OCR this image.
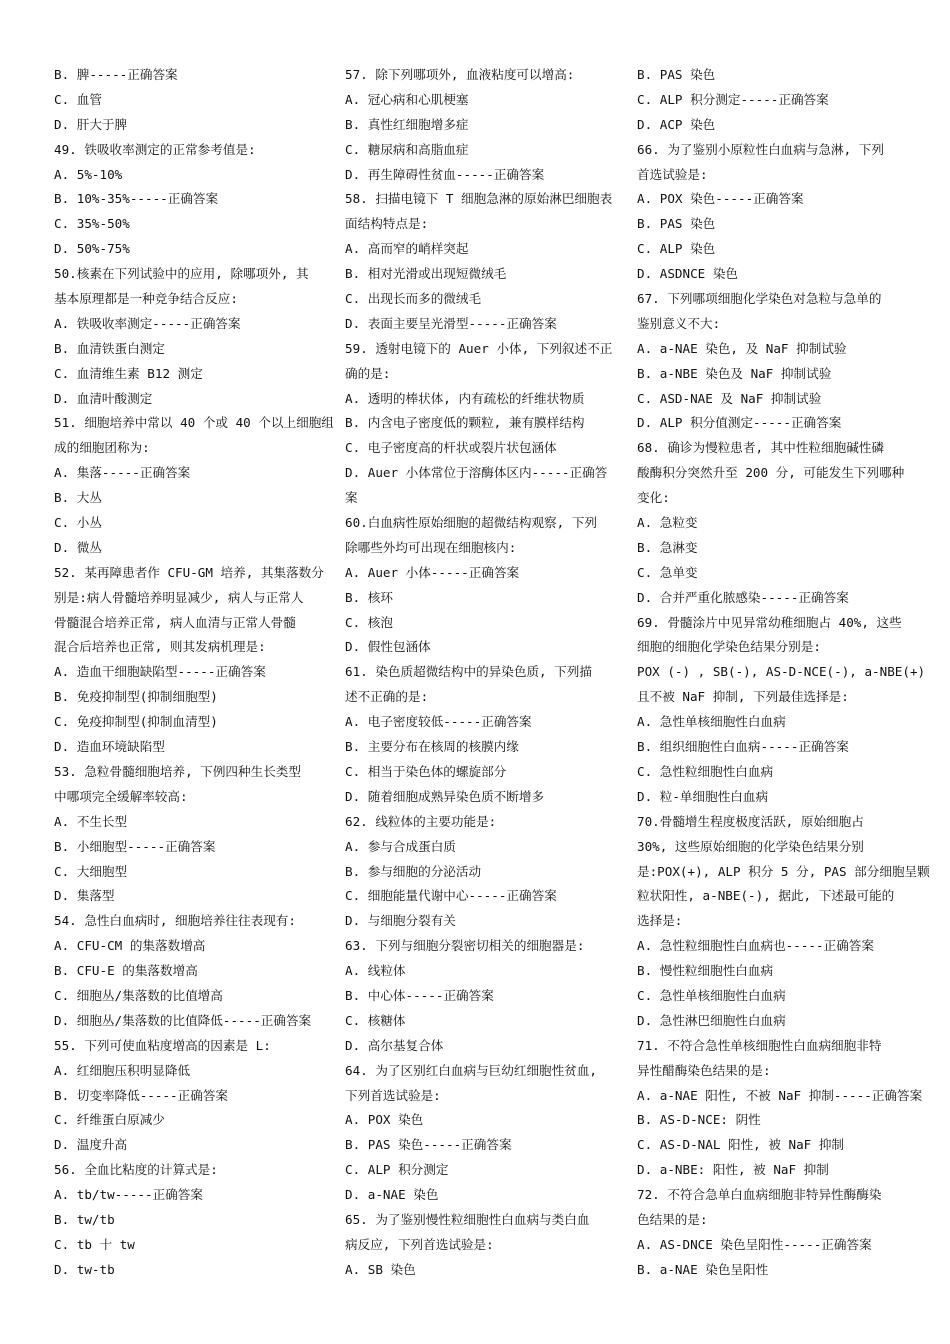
B. 脾-----正确答案
C. 血管
D. 肝大于脾
49. 铁吸收率测定的正常参考值是:
A. 5%-10%
B. 10%-35%-----正确答案
C. 35%-50%
D. 50%-75%
50.核素在下列试验中的应用, 除哪项外, 其
基本原理都是一种竞争结合反应:
A. 铁吸收率测定-----正确答案
B. 血清铁蛋白测定
C. 血清维生素 B12 测定
D. 血清叶酸测定
51. 细胞培养中常以 40 个或 40 个以上细胞组
成的细胞团称为:
A. 集落-----正确答案
B. 大丛
C. 小丛
D. 微丛
52. 某再障患者作 CFU-GM 培养, 其集落数分
别是:病人骨髓培养明显减少, 病人与正常人
骨髓混合培养正常, 病人血清与正常人骨髓
混合后培养也正常, 则其发病机理是:
A. 造血干细胞缺陷型-----正确答案
B. 免疫抑制型(抑制细胞型)
C. 免疫抑制型(抑制血清型)
D. 造血环境缺陷型
53. 急粒骨髓细胞培养, 下例四种生长类型
中哪项完全缓解率较高:
A. 不生长型
B. 小细胞型-----正确答案
C. 大细胞型
D. 集落型
54. 急性白血病时, 细胞培养往往表现有:
A. CFU-CM 的集落数增高
B. CFU-E 的集落数增高
C. 细胞丛/集落数的比值增高
D. 细胞丛/集落数的比值降低-----正确答案
55. 下列可使血粘度增高的因素是 L:
A. 红细胞压积明显降低
B. 切变率降低-----正确答案
C. 纤维蛋白原减少
D. 温度升高
56. 全血比粘度的计算式是:
A. tb/tw-----正确答案
B. tw/tb
C. tb 十 tw
D. tw-tb
57. 除下列哪项外, 血液粘度可以增高:
A. 冠心病和心肌梗塞
B. 真性红细胞增多症
C. 糖尿病和高脂血症
D. 再生障碍性贫血-----正确答案
58. 扫描电镜下 T 细胞急淋的原始淋巴细胞表
面结构特点是:
A. 高而窄的峭样突起
B. 相对光滑或出现短微绒毛
C. 出现长而多的微绒毛
D. 表面主要呈光滑型-----正确答案
59. 透射电镜下的 Auer 小体, 下列叙述不正
确的是:
A. 透明的棒状体, 内有疏松的纤维状物质
B. 内含电子密度低的颗粒, 兼有膜样结构
C. 电子密度高的杆状或裂片状包涵体
D. Auer 小体常位于溶酶体区内-----正确答
案
60.白血病性原始细胞的超微结构观察, 下列
除哪些外均可出现在细胞核内:
A. Auer 小体-----正确答案
B. 核环
C. 核泡
D. 假性包涵体
61. 染色质超微结构中的异染色质, 下列描
述不正确的是:
A. 电子密度较低-----正确答案
B. 主要分布在核周的核膜内缘
C. 相当于染色体的螺旋部分
D. 随着细胞成熟异染色质不断增多
62. 线粒体的主要功能是:
A. 参与合成蛋白质
B. 参与细胞的分泌活动
C. 细胞能量代谢中心-----正确答案
D. 与细胞分裂有关
63. 下列与细胞分裂密切相关的细胞器是:
A. 线粒体
B. 中心体-----正确答案
C. 核糖体
D. 高尔基复合体
64. 为了区别红白血病与巨幼红细胞性贫血,
下列首选试验是:
A. POX 染色
B. PAS 染色-----正确答案
C. ALP 积分测定
D. a-NAE 染色
65. 为了鉴别慢性粒细胞性白血病与类白血
病反应, 下列首选试验是:
A. SB 染色
B. PAS 染色
C. ALP 积分测定-----正确答案
D. ACP 染色
66. 为了鉴别小原粒性白血病与急淋, 下列
首选试验是:
A. POX 染色-----正确答案
B. PAS 染色
C. ALP 染色
D. ASDNCE 染色
67. 下列哪项细胞化学染色对急粒与急单的
鉴别意义不大:
A. a-NAE 染色, 及 NaF 抑制试验
B. a-NBE 染色及 NaF 抑制试验
C. ASD-NAE 及 NaF 抑制试验
D. ALP 积分值测定-----正确答案
68. 确诊为慢粒患者, 其中性粒细胞碱性磷
酸酶积分突然升至 200 分, 可能发生下列哪种
变化:
A. 急粒变
B. 急淋变
C. 急单变
D. 合并严重化脓感染-----正确答案
69. 骨髓涂片中见异常幼稚细胞占 40%, 这些
细胞的细胞化学染色结果分别是:
POX (-) , SB(-), AS-D-NCE(-), a-NBE(+)
且不被 NaF 抑制, 下列最佳选择是:
A. 急性单核细胞性白血病
B. 组织细胞性白血病-----正确答案
C. 急性粒细胞性白血病
D. 粒-单细胞性白血病
70.骨髓增生程度极度活跃, 原始细胞占
30%, 这些原始细胞的化学染色结果分别
是:POX(+), ALP 积分 5 分, PAS 部分细胞呈颗
粒状阳性, a-NBE(-), 据此, 下述最可能的
选择是:
A. 急性粒细胞性白血病也-----正确答案
B. 慢性粒细胞性白血病
C. 急性单核细胞性白血病
D. 急性淋巴细胞性白血病
71. 不符合急性单核细胞性白血病细胞非特
异性醋酶染色结果的是:
A. a-NAE 阳性, 不被 NaF 抑制-----正确答案
B. AS-D-NCE: 阴性
C. AS-D-NAL 阳性, 被 NaF 抑制
D. a-NBE: 阳性, 被 NaF 抑制
72. 不符合急单白血病细胞非特异性酶酶染
色结果的是:
A. AS-DNCE 染色呈阳性-----正确答案
B. a-NAE 染色呈阳性
